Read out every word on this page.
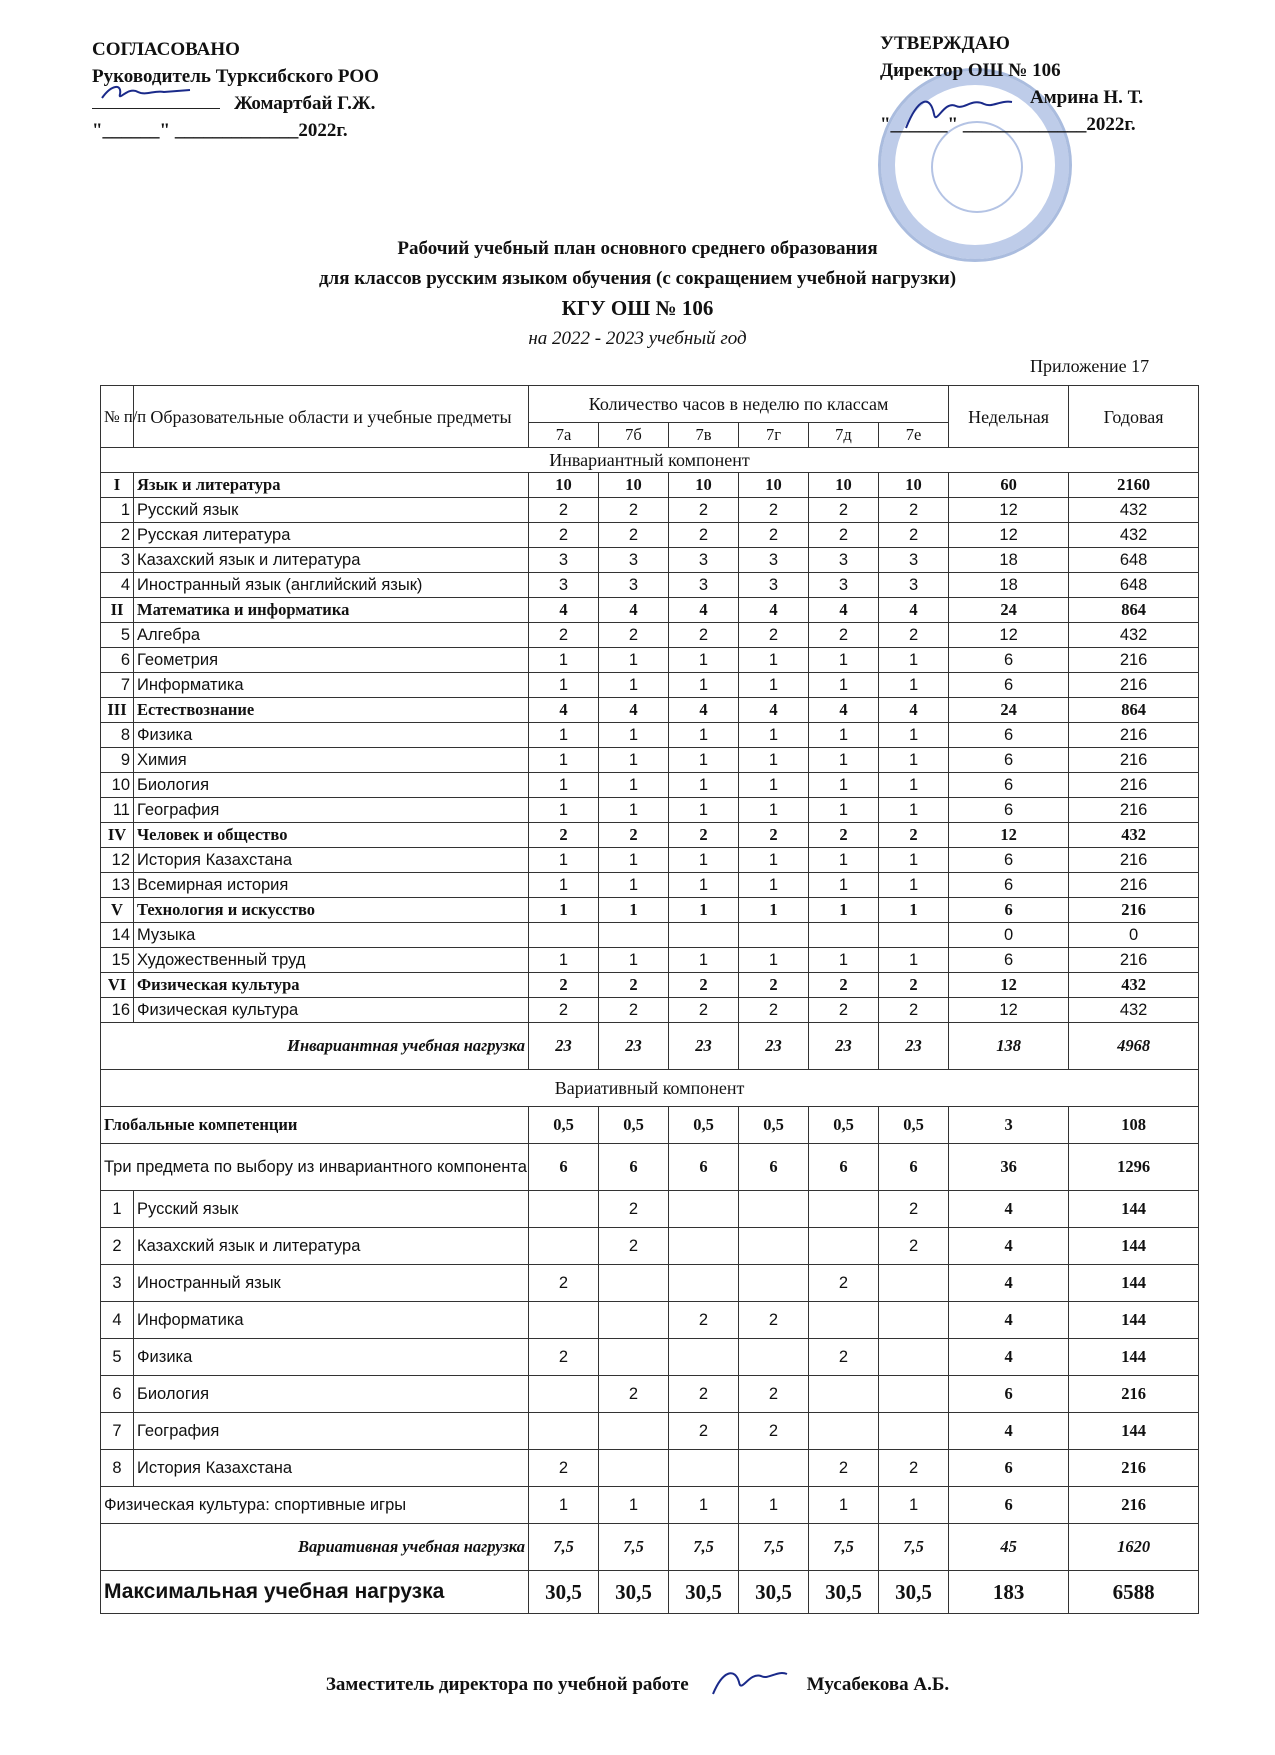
СОГЛАСОВАНО
Руководитель Турксибского РОО
Жомартбай Г.Ж.
"______" _____________2022г.
УТВЕРЖДАЮ
Директор ОШ № 106
Амрина Н. Т.
"______" _____________2022г.
Рабочий учебный план основного среднего образования
для классов русским языком обучения (с сокращением учебной нагрузки)
КГУ ОШ № 106
на 2022 - 2023 учебный год
Приложение 17
№ п/п	Образовательные области и учебные предметы	Количество часов в неделю по классам						Недельная	Годовая
		7а	7б	7в	7г	7д	7е		
Инвариантный компонент									
I	Язык и литература	10	10	10	10	10	10	60	2160
1	Русский язык	2	2	2	2	2	2	12	432
2	Русская литература	2	2	2	2	2	2	12	432
3	Казахский язык и литература	3	3	3	3	3	3	18	648
4	Иностранный язык (английский язык)	3	3	3	3	3	3	18	648
II	Математика и информатика	4	4	4	4	4	4	24	864
5	Алгебра	2	2	2	2	2	2	12	432
6	Геометрия	1	1	1	1	1	1	6	216
7	Информатика	1	1	1	1	1	1	6	216
III	Естествознание	4	4	4	4	4	4	24	864
8	Физика	1	1	1	1	1	1	6	216
9	Химия	1	1	1	1	1	1	6	216
10	Биология	1	1	1	1	1	1	6	216
11	География	1	1	1	1	1	1	6	216
IV	Человек и общество	2	2	2	2	2	2	12	432
12	История Казахстана	1	1	1	1	1	1	6	216
13	Всемирная история	1	1	1	1	1	1	6	216
V	Технология и искусство	1	1	1	1	1	1	6	216
14	Музыка							0	0
15	Художественный труд	1	1	1	1	1	1	6	216
VI	Физическая культура	2	2	2	2	2	2	12	432
16	Физическая культура	2	2	2	2	2	2	12	432
Инвариантная учебная нагрузка		23	23	23	23	23	23	138	4968
Вариативный компонент									
Глобальные компетенции		0,5	0,5	0,5	0,5	0,5	0,5	3	108
Три предмета по выбору из инвариантного компонента		6	6	6	6	6	6	36	1296
1	Русский язык		2				2	4	144
2	Казахский язык и литература		2				2	4	144
3	Иностранный язык	2				2		4	144
4	Информатика			2	2			4	144
5	Физика	2				2		4	144
6	Биология		2	2	2			6	216
7	География			2	2			4	144
8	История Казахстана	2				2	2	6	216
Физическая культура: спортивные игры		1	1	1	1	1	1	6	216
Вариативная учебная нагрузка		7,5	7,5	7,5	7,5	7,5	7,5	45	1620
Максимальная учебная нагрузка		30,5	30,5	30,5	30,5	30,5	30,5	183	6588
Заместитель директора по учебной работе	Мусабекова А.Б.
